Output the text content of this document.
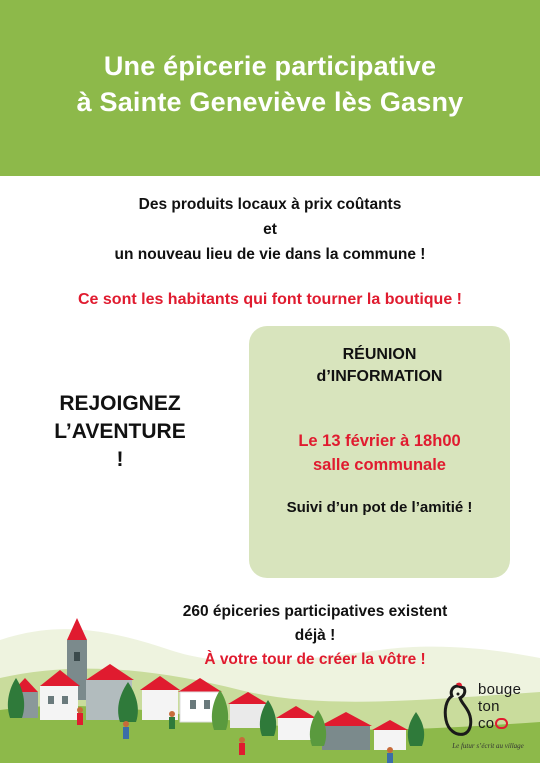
Une épicerie participative
à Sainte Geneviève lès Gasny
Des produits locaux à prix coûtants
et
un nouveau lieu de vie dans la commune !
Ce sont les habitants qui font tourner la boutique !
REJOIGNEZ
L’AVENTURE
!
RÉUNION
d’INFORMATION
Le 13 février à 18h00
salle communale
Suivi d’un pot de l’amitié !
260 épiceries participatives existent
déjà !
À votre tour de créer la vôtre !
bouge
ton
co
Le futur s’écrit au village
